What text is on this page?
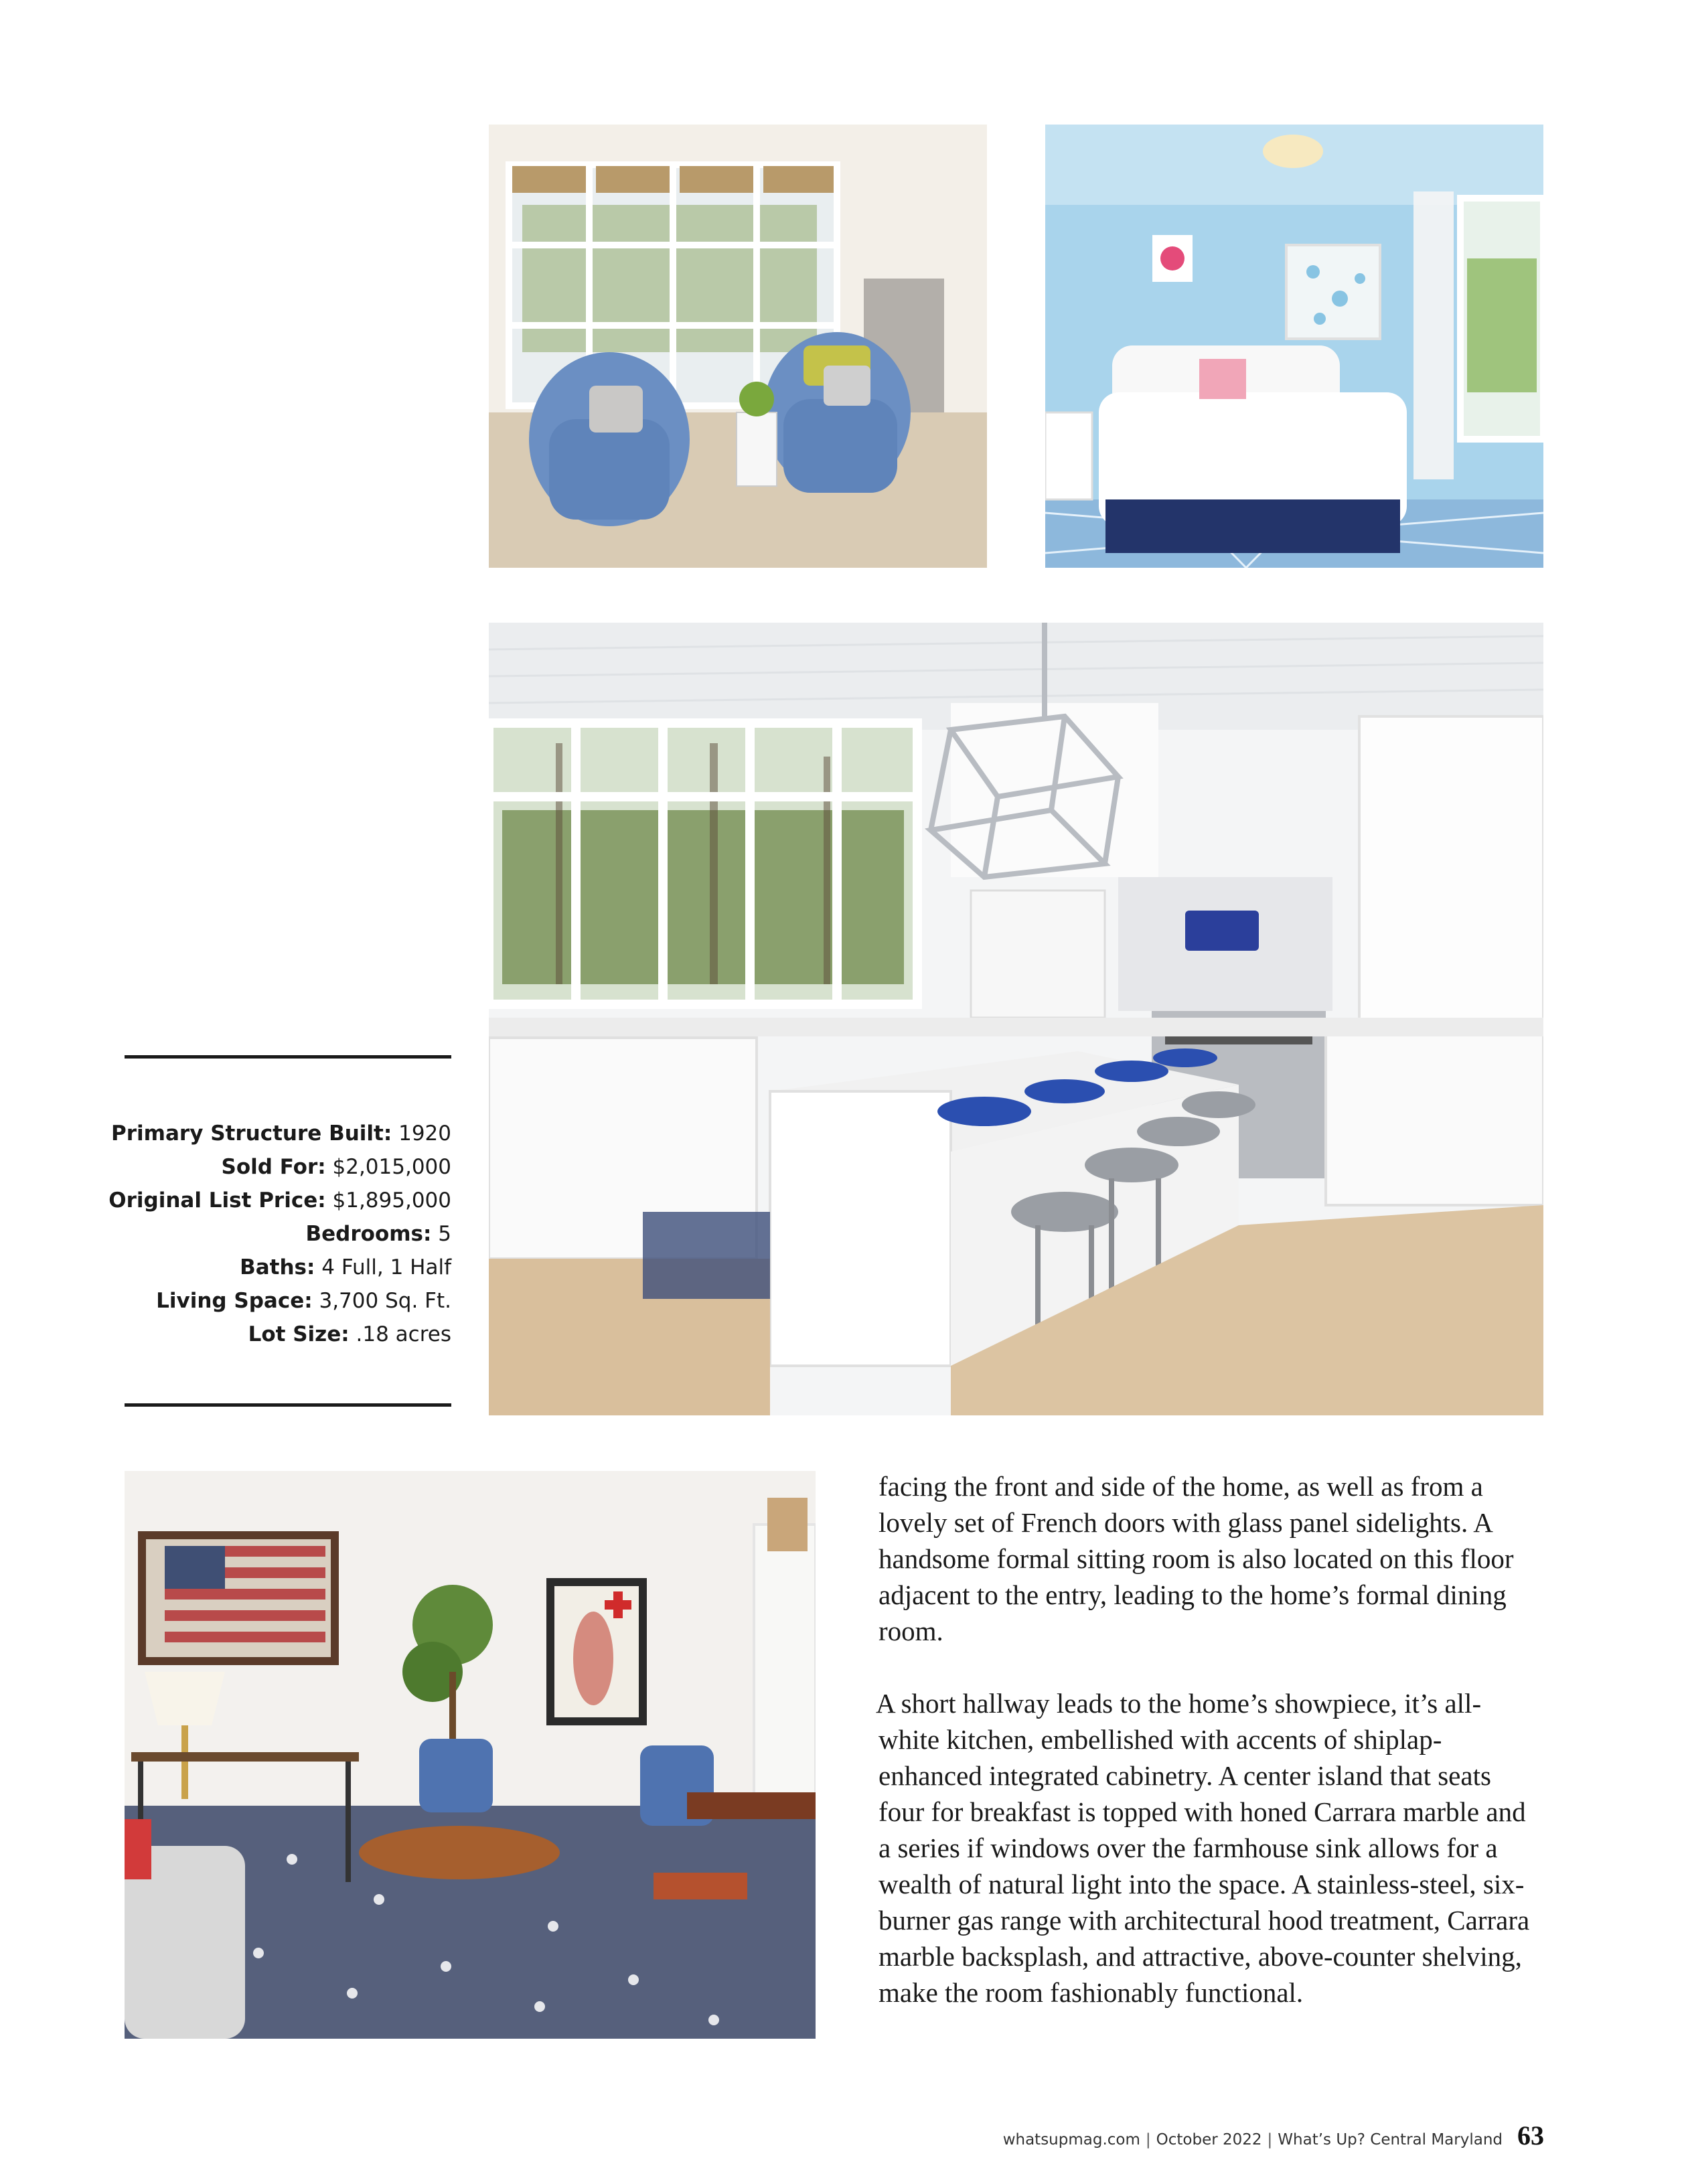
Primary Structure Built: 1920
Sold For: $2,015,000
Original List Price: $1,895,000
Bedrooms: 5
Baths: 4 Full, 1 Half
Living Space: 3,700 Sq. Ft.
Lot Size: .18 acres

facing the front and side of the home, as well as from a lovely set of French doors with glass panel sidelights. A handsome formal sitting room is also located on this floor adjacent to the entry, leading to the home’s formal dining room.

A short hallway leads to the home’s showpiece, it’s all-white kitchen, embellished with accents of shiplap-enhanced integrated cabinetry. A center island that seats four for breakfast is topped with honed Carrara marble and a series if windows over the farmhouse sink allows for a wealth of natural light into the space. A stainless-steel, six-burner gas range with architectural hood treatment, Carrara marble backsplash, and attractive, above-counter shelving, make the room fashionably functional.

whatsupmag.com | October 2022 | What’s Up? Central Maryland 63
